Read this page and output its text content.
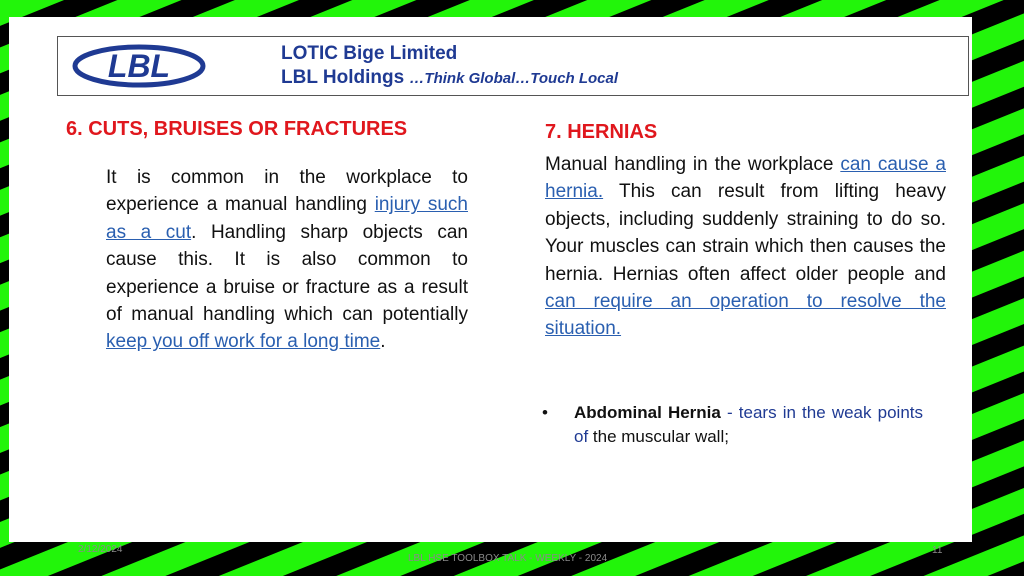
LBL	LOTIC Bige Limited
LBL Holdings …Think Global…Touch Local
6. CUTS, BRUISES OR FRACTURES
It is common in the workplace to experience a manual handling injury such as a cut. Handling sharp objects can cause this. It is also common to experience a bruise or fracture as a result of manual handling which can potentially keep you off work for a long time.
7. HERNIAS
Manual handling in the workplace can cause a hernia. This can result from lifting heavy objects, including suddenly straining to do so. Your muscles can strain which then causes the hernia. Hernias often affect older people and can require an operation to resolve the situation.
• Abdominal Hernia - tears in the weak points of the muscular wall;
2/12/2024
LBL HSE TOOLBOX TALK - WEEKLY - 2024
11
